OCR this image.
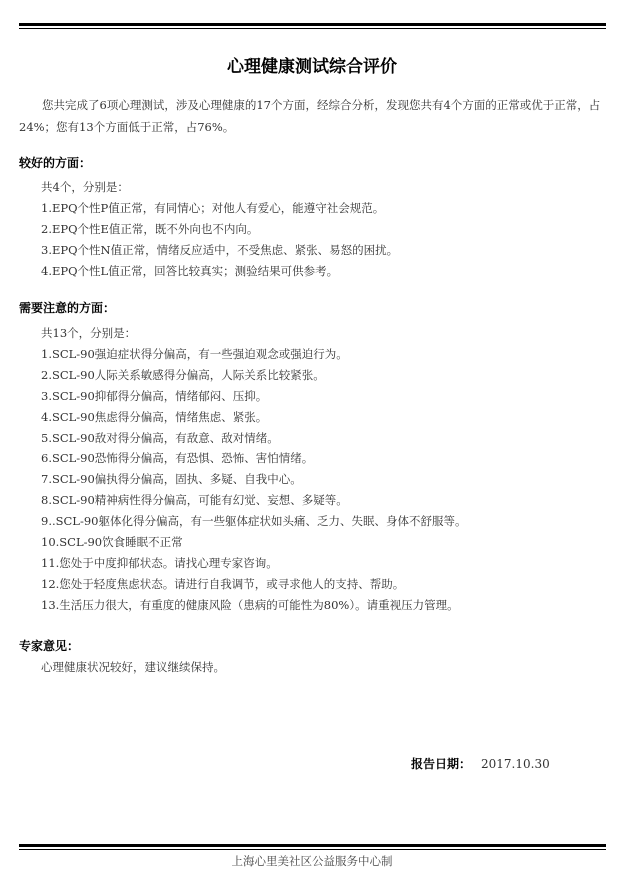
心理健康测试综合评价

您共完成了6项心理测试，涉及心理健康的17个方面，经综合分析，发现您共有4个方面的正常或优于正常，占24%；您有13个方面低于正常，占76%。

较好的方面：
共4个，分别是：
1.EPQ个性P值正常，有同情心；对他人有爱心，能遵守社会规范。
2.EPQ个性E值正常，既不外向也不内向。
3.EPQ个性N值正常，情绪反应适中，不受焦虑、紧张、易怒的困扰。
4.EPQ个性L值正常，回答比较真实；测验结果可供参考。
需要注意的方面：
共13个，分别是：
1.SCL-90强迫症状得分偏高，有一些强迫观念或强迫行为。
2.SCL-90人际关系敏感得分偏高，人际关系比较紧张。
3.SCL-90抑郁得分偏高，情绪郁闷、压抑。
4.SCL-90焦虑得分偏高，情绪焦虑、紧张。
5.SCL-90敌对得分偏高，有敌意、敌对情绪。
6.SCL-90恐怖得分偏高，有恐惧、恐怖、害怕情绪。
7.SCL-90偏执得分偏高，固执、多疑、自我中心。
8.SCL-90精神病性得分偏高，可能有幻觉、妄想、多疑等。
9..SCL-90躯体化得分偏高，有一些躯体症状如头痛、乏力、失眠、身体不舒服等。
10.SCL-90饮食睡眠不正常
11.您处于中度抑郁状态。请找心理专家咨询。
12.您处于轻度焦虑状态。请进行自我调节，或寻求他人的支持、帮助。
13.生活压力很大，有重度的健康风险（患病的可能性为80%）。请重视压力管理。
专家意见：

心理健康状况较好，建议继续保持。

报告日期： 2017.10.30

上海心里美社区公益服务中心制
